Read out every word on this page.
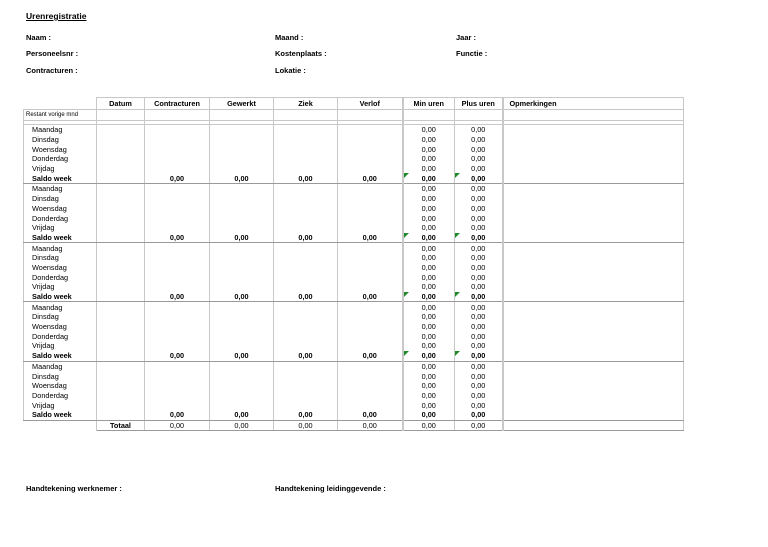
Urenregistratie
Naam :	Maand :	Jaar :
Personeelsnr :	Kostenplaats :	Functie :
Contracturen :	Lokatie :
	Datum	Contracturen	Gewerkt	Ziek	Verlof	Min uren	Plus uren	Opmerkingen
Restant vorige mnd								

Maandag						0,00	0,00	
Dinsdag						0,00	0,00	
Woensdag						0,00	0,00	
Donderdag						0,00	0,00	
Vrijdag						0,00	0,00	
Saldo week		0,00	0,00	0,00	0,00	0,00	0,00

Maandag						0,00	0,00	
Dinsdag						0,00	0,00	
Woensdag						0,00	0,00	
Donderdag						0,00	0,00	
Vrijdag						0,00	0,00	
Saldo week		0,00	0,00	0,00	0,00	0,00	0,00

Maandag						0,00	0,00	
Dinsdag						0,00	0,00	
Woensdag						0,00	0,00	
Donderdag						0,00	0,00	
Vrijdag						0,00	0,00	
Saldo week		0,00	0,00	0,00	0,00	0,00	0,00

Maandag						0,00	0,00	
Dinsdag						0,00	0,00	
Woensdag						0,00	0,00	
Donderdag						0,00	0,00	
Vrijdag						0,00	0,00	
Saldo week		0,00	0,00	0,00	0,00	0,00	0,00

Maandag						0,00	0,00	
Dinsdag						0,00	0,00	
Woensdag						0,00	0,00	
Donderdag						0,00	0,00	
Vrijdag						0,00	0,00	
Saldo week		0,00	0,00	0,00	0,00	0,00	0,00	
	Totaal	0,00	0,00	0,00	0,00	0,00	0,00	
Handtekening werknemer :	Handtekening leidinggevende :
